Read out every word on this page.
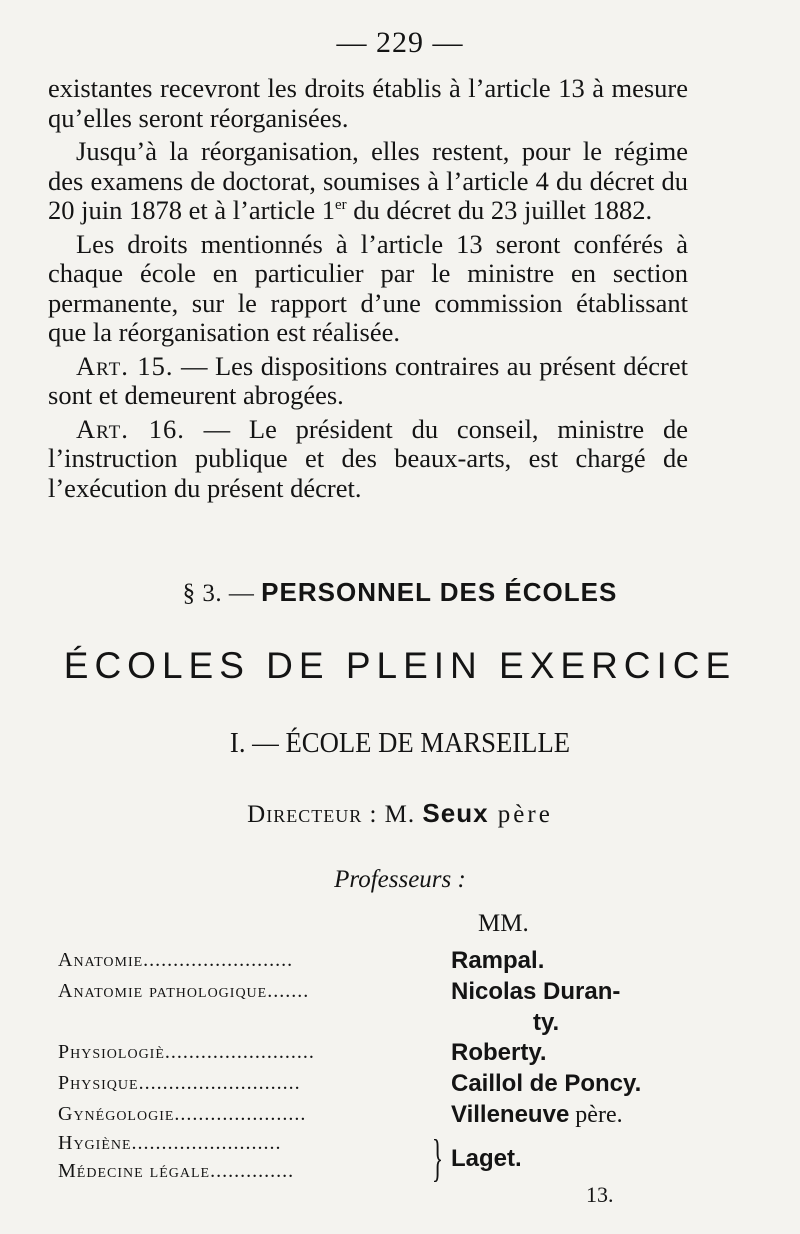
— 229 —

existantes recevront les droits établis à l’article 13 à mesure qu’elles seront réorganisées.

Jusqu’à la réorganisation, elles restent, pour le régime des examens de doctorat, soumises à l’article 4 du décret du 20 juin 1878 et à l’article 1er du décret du 23 juillet 1882.

Les droits mentionnés à l’article 13 seront conférés à chaque école en particulier par le ministre en section permanente, sur le rapport d’une commission établissant que la réorganisation est réalisée.

Art. 15. — Les dispositions contraires au présent décret sont et demeurent abrogées.

Art. 16. — Le président du conseil, ministre de l’instruction publique et des beaux-arts, est chargé de l’exécution du présent décret.

§ 3. — PERSONNEL DES ÉCOLES
ÉCOLES DE PLEIN EXERCICE
I. — ÉCOLE DE MARSEILLE
Directeur : M. Seux père
Professeurs :
MM.
Anatomie.........................	Rampal.
Anatomie pathologique.......	Nicolas Duran-
ty.
Physiologiè.........................	Roberty.
Physique...........................	Caillol de Poncy.
Gynégologie......................	Villeneuve père.
Hygiène.........................
Médecine légale..............	} Laget.
13.
